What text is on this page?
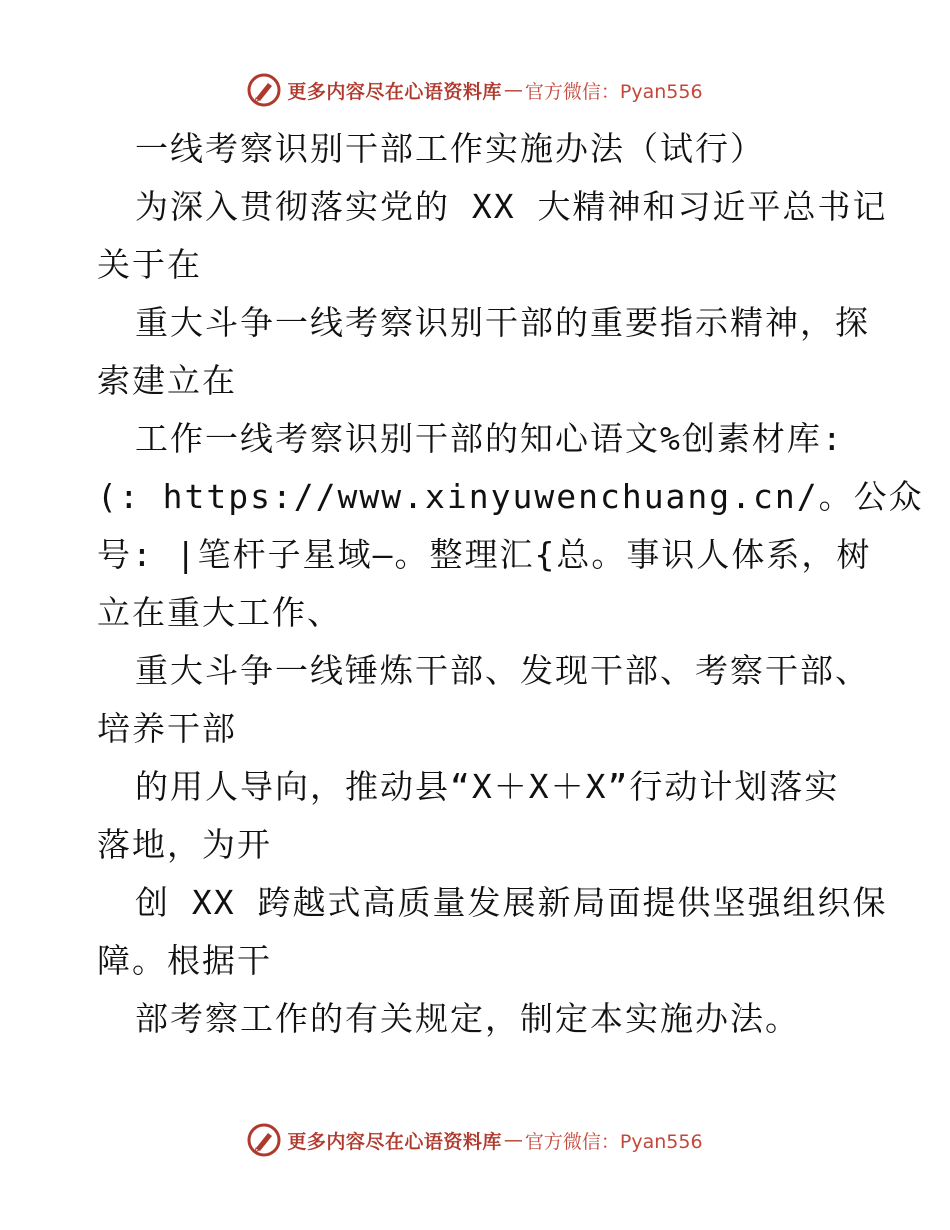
更多内容尽在心语资料库 — 官方微信：Pyan556
一线考察识别干部工作实施办法（试行）
为深入贯彻落实党的 XX 大精神和习近平总书记
关于在
重大斗争一线考察识别干部的重要指示精神，探
索建立在
工作一线考察识别干部的知心语文%创素材库:
(: https://www.xinyuwenchuang.cn/。公众
号: |笔杆子星域—。整理汇{总。事识人体系，树
立在重大工作、
重大斗争一线锤炼干部、发现干部、考察干部、
培养干部
的用人导向，推动县“X＋X＋X”行动计划落实
落地，为开
创 XX 跨越式高质量发展新局面提供坚强组织保
障。根据干
部考察工作的有关规定，制定本实施办法。
更多内容尽在心语资料库 — 官方微信：Pyan556
